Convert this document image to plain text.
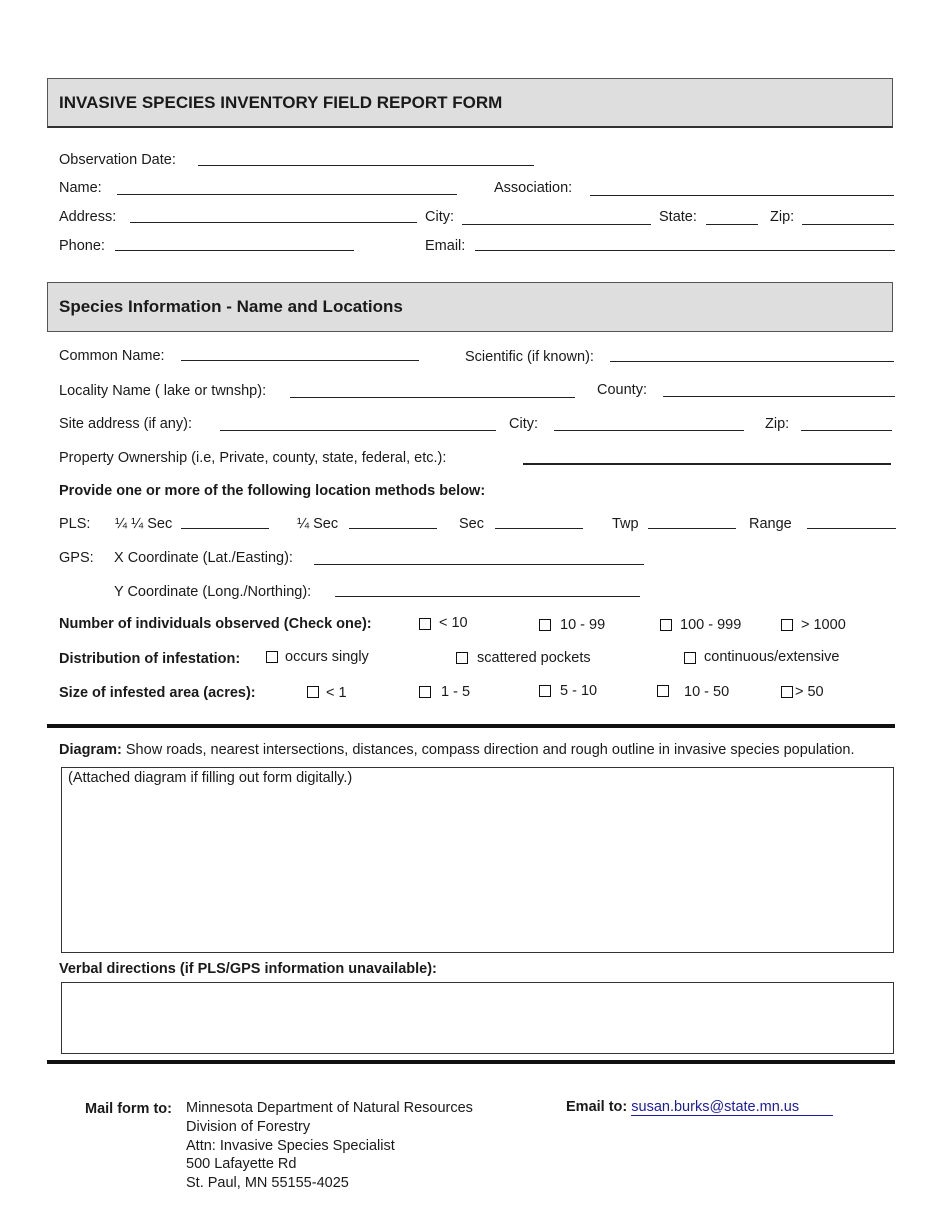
INVASIVE SPECIES INVENTORY FIELD REPORT FORM
Observation Date:
Name:	Association:
Address:	City:	State:	Zip:
Phone:	Email:
Species Information - Name and Locations
Common Name:	Scientific (if known):
Locality Name ( lake or twnshp):	County:
Site address (if any):	City:	Zip:
Property Ownership (i.e, Private, county, state, federal, etc.):
Provide one or more of the following location methods below:
PLS: ¼ ¼ Sec	¼ Sec	Sec	Twp	Range
GPS: X Coordinate (Lat./Easting):
Y Coordinate (Long./Northing):
Number of individuals observed (Check one):	< 10	10 - 99	100 - 999	> 1000
Distribution of infestation:	occurs singly	scattered pockets	continuous/extensive
Size of infested area (acres):	< 1	1 - 5	5 - 10	10 - 50	> 50
Diagram: Show roads, nearest intersections, distances, compass direction and rough outline in invasive species population.
(Attached diagram if filling out form digitally.)
Verbal directions (if PLS/GPS information unavailable):
Mail form to: Minnesota Department of Natural Resources
Division of Forestry
Attn: Invasive Species Specialist
500 Lafayette Rd
St. Paul, MN 55155-4025
Email to: susan.burks@state.mn.us
